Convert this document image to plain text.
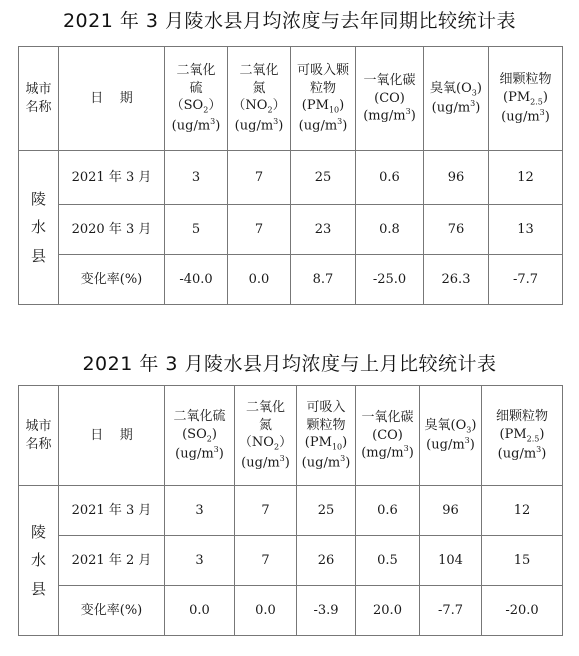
2021 年 3 月陵水县月均浓度与去年同期比较统计表
城市
名称	日    期	二氧化
硫$(SO_2)$
$(ug/m^3)$	二氧化
氮$(NO_2)$
$(ug/m^3)$	可吸入颗
粒物
$(PM_{10})$
$(ug/m^3)$	一氧化碳
(CO)
$(mg/m^3)$	臭氧$(O_3)$
$(ug/m^3)$	细颗粒物
$(PM_{2.5})$
$(ug/m^3)$

陵
水
县	2021 年 3 月	3	7	25	0.6	96	12
	2020 年 3 月	5	7	23	0.8	76	13
	变化率(%)	-40.0	0.0	8.7	-25.0	26.3	-7.7
2021 年 3 月陵水县月均浓度与上月比较统计表
城市
名称	日    期	二氧化硫
$(SO_2)$
$(ug/m^3)$	二氧化
氮$(NO_2)$
$(ug/m^3)$	可吸入
颗粒物
$(PM_{10})$
$(ug/m^3)$	一氧化碳
(CO)
$(mg/m^3)$	臭氧$(O_3)$
$(ug/m^3)$	细颗粒物
$(PM_{2.5})$
$(ug/m^3)$

陵
水
县	2021 年 3 月	3	7	25	0.6	96	12
	2021 年 2 月	3	7	26	0.5	104	15
	变化率(%)	0.0	0.0	-3.9	20.0	-7.7	-20.0
